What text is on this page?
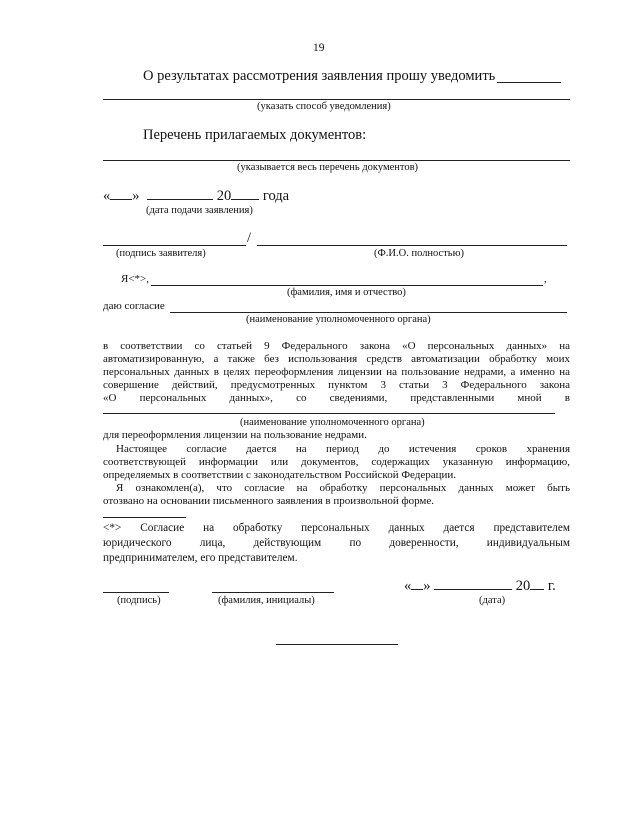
19
О результатах рассмотрения заявления прошу уведомить
(указать способ уведомления)
Перечень прилагаемых документов:
(указывается весь перечень документов)
« »	20 года
(дата подачи заявления)
/
(подпись заявителя)	(Ф.И.О. полностью)
Я<*>,	,
(фамилия, имя и отчество)
даю согласие
(наименование уполномоченного органа)
в соответствии со статьей 9 Федерального закона «О персональных данных» на
автоматизированную, а также без использования средств автоматизации обработку моих
персональных данных в целях переоформления лицензии на пользование недрами, а именно на
совершение действий, предусмотренных пунктом 3 статьи 3 Федерального закона
«О персональных данных», со сведениями, представленными мной в
(наименование уполномоченного органа)
для переоформления лицензии на пользование недрами.
Настоящее согласие дается на период до истечения сроков хранения
соответствующей информации или документов, содержащих указанную информацию,
определяемых в соответствии с законодательством Российской Федерации.
Я ознакомлен(а), что согласие на обработку персональных данных может быть
отозвано на основании письменного заявления в произвольной форме.
<*> Согласие на обработку персональных данных дается представителем
юридического лица, действующим по доверенности, индивидуальным
предпринимателем, его представителем.
« »	20 г.
(подпись)	(фамилия, инициалы)	(дата)
